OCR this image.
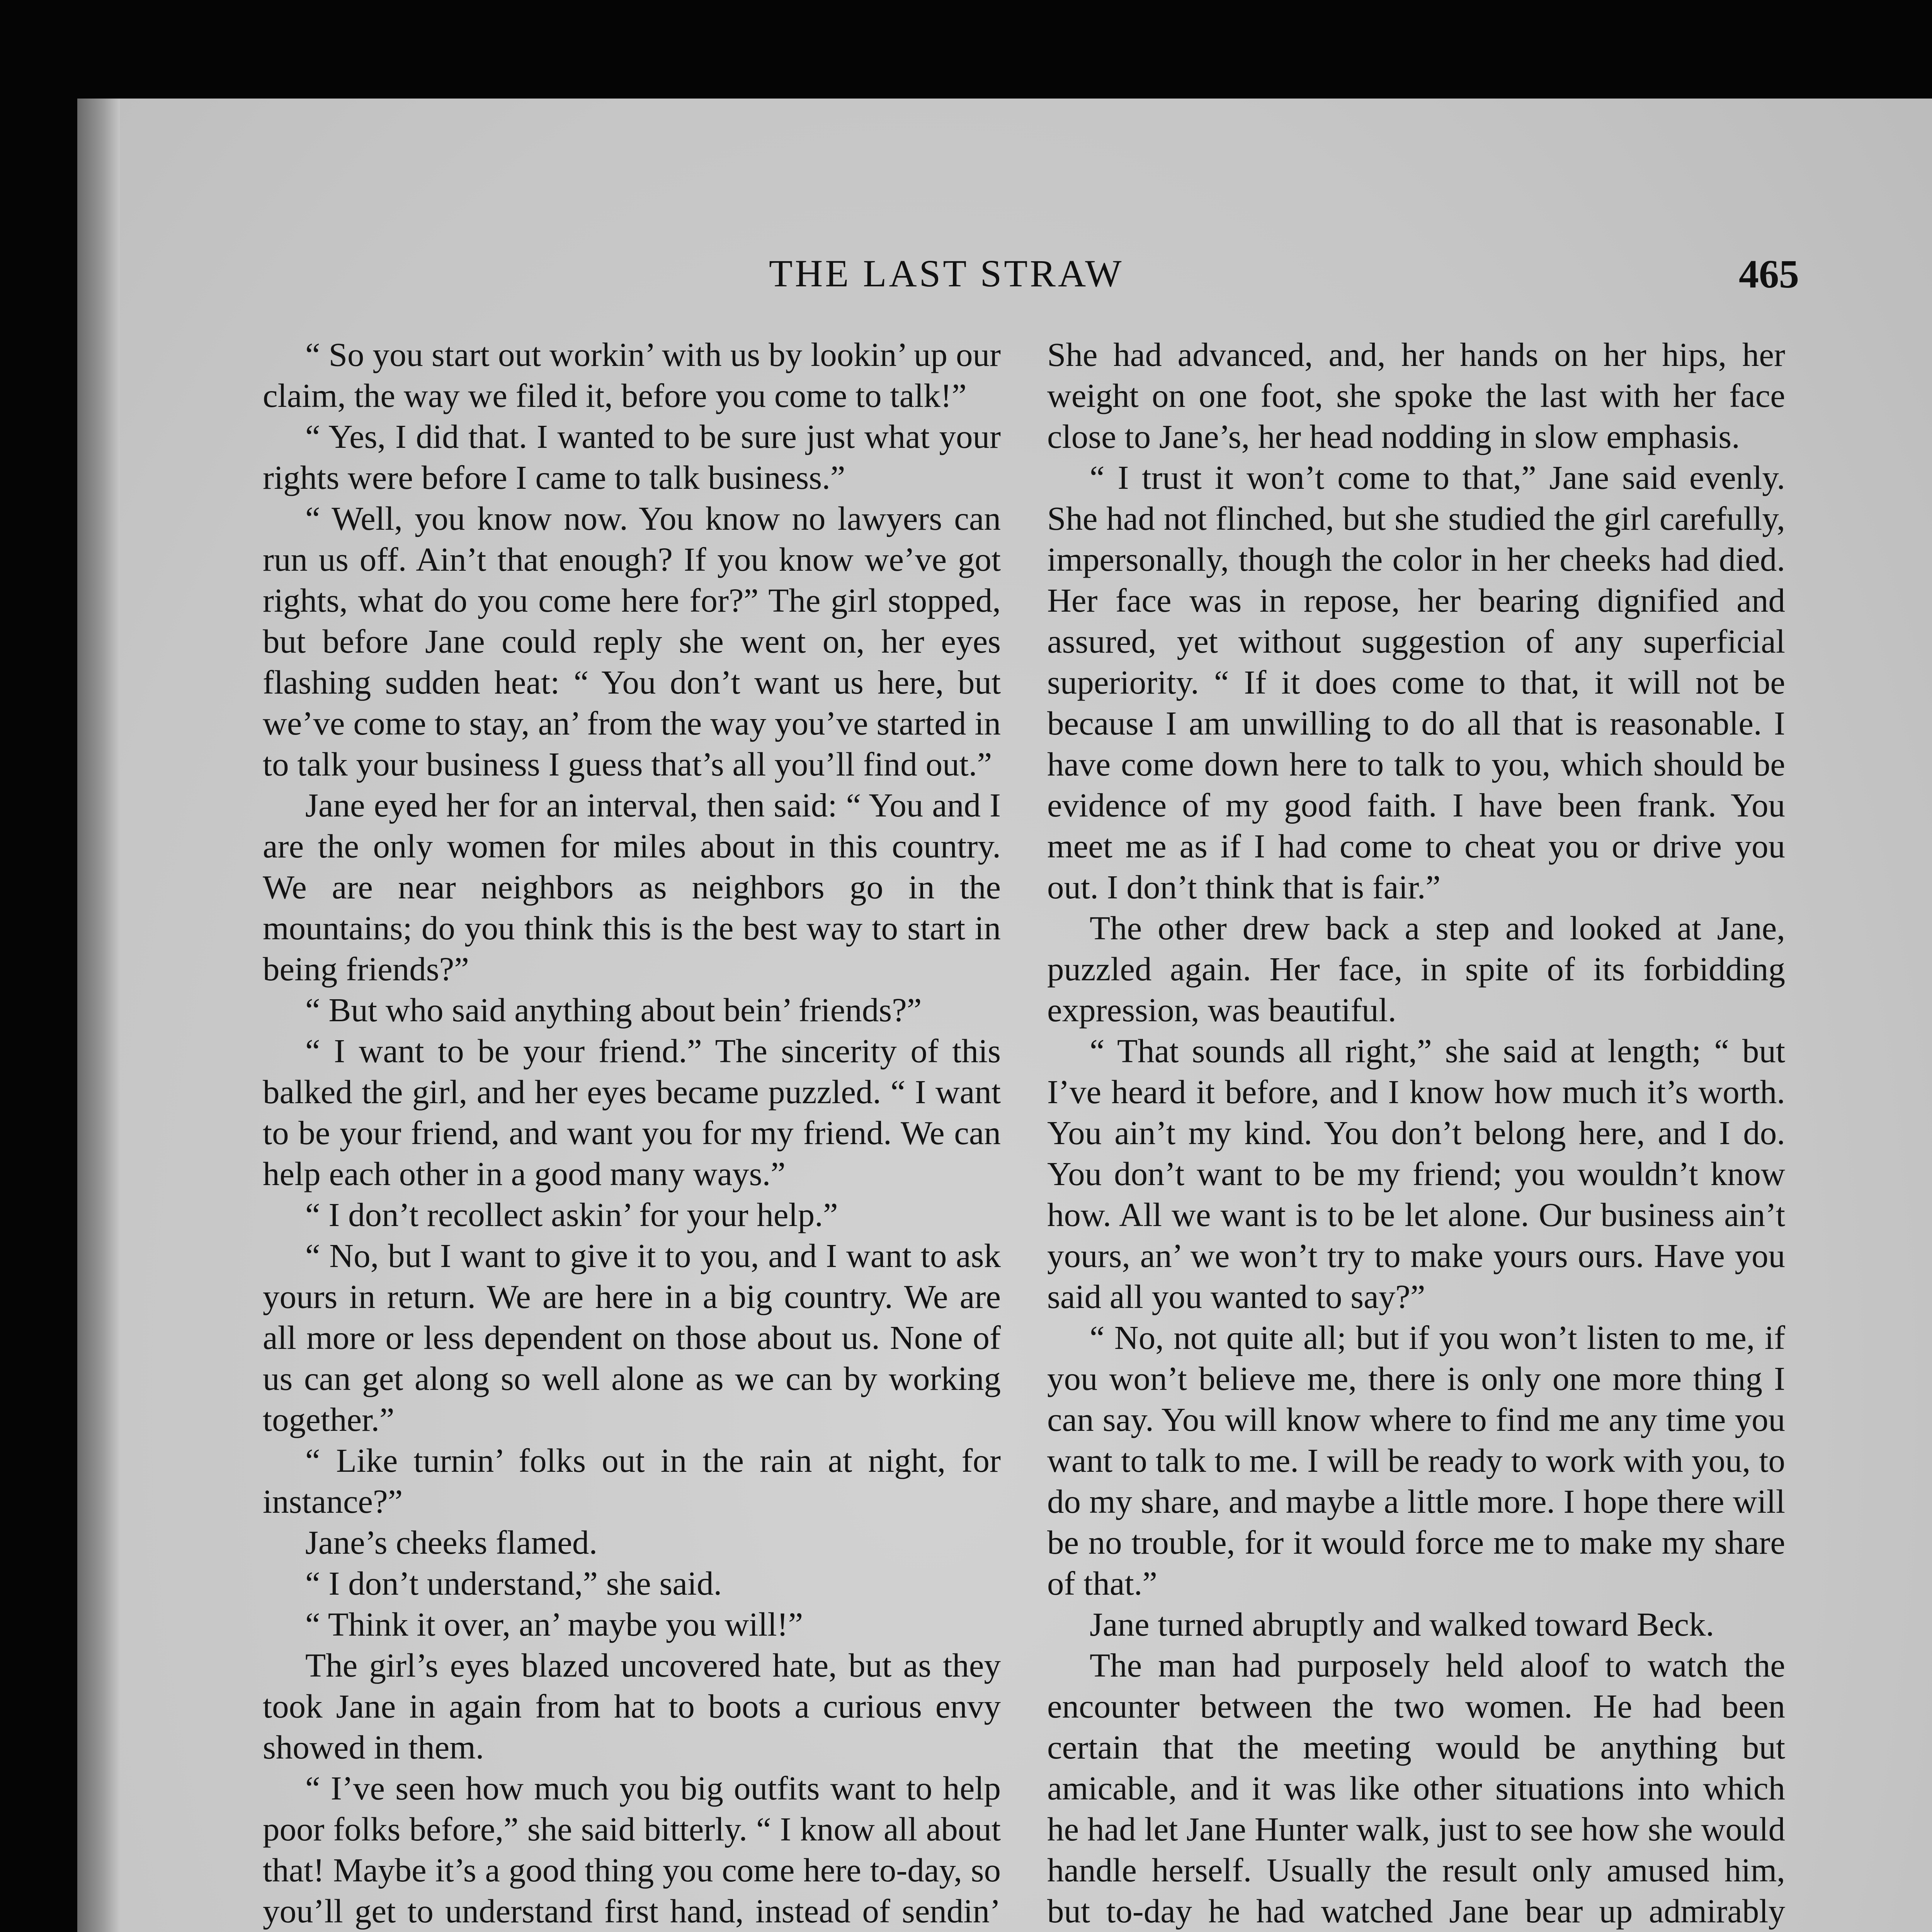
THE LAST STRAW	465

“ So you start out workin’ with us by lookin’ up our claim, the way we filed it, before you come to talk!”

“ Yes, I did that. I wanted to be sure just what your rights were before I came to talk business.”

“ Well, you know now. You know no lawyers can run us off. Ain’t that enough? If you know we’ve got rights, what do you come here for?” The girl stopped, but before Jane could reply she went on, her eyes flashing sudden heat: “ You don’t want us here, but we’ve come to stay, an’ from the way you’ve started in to talk your business I guess that’s all you’ll find out.”

Jane eyed her for an interval, then said: “ You and I are the only women for miles about in this country. We are near neighbors as neighbors go in the mountains; do you think this is the best way to start in being friends?”

“ But who said anything about bein’ friends?”

“ I want to be your friend.” The sincerity of this balked the girl, and her eyes became puzzled. “ I want to be your friend, and want you for my friend. We can help each other in a good many ways.”

“ I don’t recollect askin’ for your help.”

“ No, but I want to give it to you, and I want to ask yours in return. We are here in a big country. We are all more or less dependent on those about us. None of us can get along so well alone as we can by working together.”

“ Like turnin’ folks out in the rain at night, for instance?”

Jane’s cheeks flamed.

“ I don’t understand,” she said.

“ Think it over, an’ maybe you will!”

The girl’s eyes blazed uncovered hate, but as they took Jane in again from hat to boots a curious envy showed in them.

“ I’ve seen how much you big outfits want to help poor folks before,” she said bitterly. “ I know all about that! Maybe it’s a good thing you come here to-day, so you’ll get to understand first hand, instead of sendin’

She had advanced, and, her hands on her hips, her weight on one foot, she spoke the last with her face close to Jane’s, her head nodding in slow emphasis.

“ I trust it won’t come to that,” Jane said evenly. She had not flinched, but she studied the girl carefully, impersonally, though the color in her cheeks had died. Her face was in repose, her bearing dignified and assured, yet without suggestion of any superficial superiority. “ If it does come to that, it will not be because I am unwilling to do all that is reasonable. I have come down here to talk to you, which should be evidence of my good faith. I have been frank. You meet me as if I had come to cheat you or drive you out. I don’t think that is fair.”

The other drew back a step and looked at Jane, puzzled again. Her face, in spite of its forbidding expression, was beautiful.

“ That sounds all right,” she said at length; “ but I’ve heard it before, and I know how much it’s worth. You ain’t my kind. You don’t belong here, and I do. You don’t want to be my friend; you wouldn’t know how. All we want is to be let alone. Our business ain’t yours, an’ we won’t try to make yours ours. Have you said all you wanted to say?”

“ No, not quite all; but if you won’t listen to me, if you won’t believe me, there is only one more thing I can say. You will know where to find me any time you want to talk to me. I will be ready to work with you, to do my share, and maybe a little more. I hope there will be no trouble, for it would force me to make my share of that.”

Jane turned abruptly and walked toward Beck.

The man had purposely held aloof to watch the encounter between the two women. He had been certain that the meeting would be anything but amicable, and it was like other situations into which he had let Jane Hunter walk, just to see how she would handle herself. Usually the result only amused him, but to-day he had watched Jane bear up admirably
